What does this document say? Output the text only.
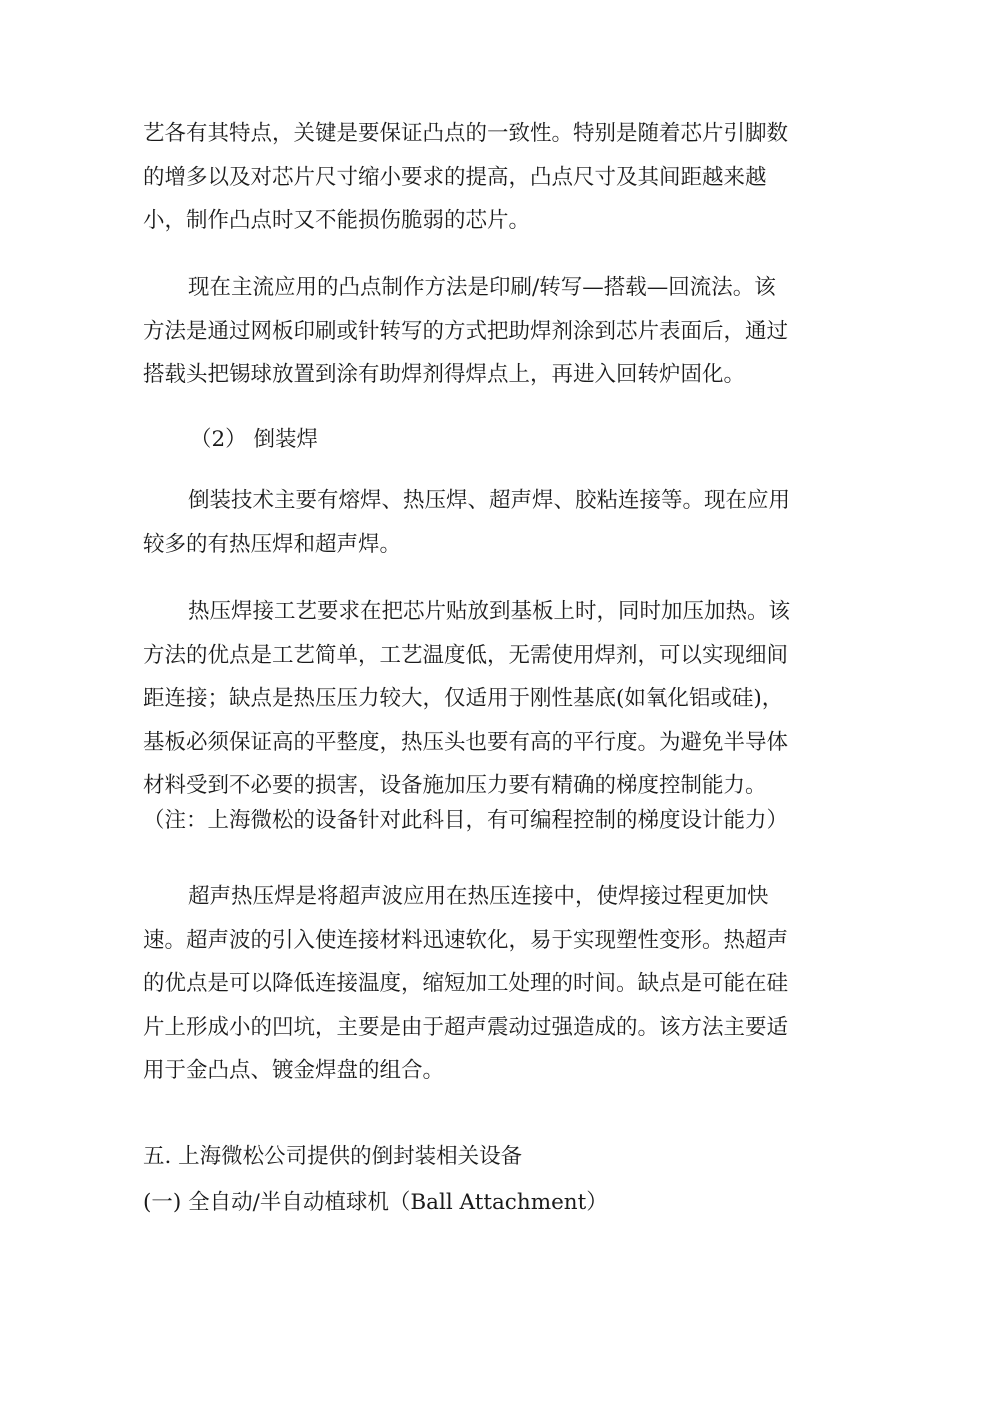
艺各有其特点，关键是要保证凸点的一致性。特别是随着芯片引脚数
的增多以及对芯片尺寸缩小要求的提高，凸点尺寸及其间距越来越
小，制作凸点时又不能损伤脆弱的芯片。
现在主流应用的凸点制作方法是印刷/转写—搭载—回流法。该
方法是通过网板印刷或针转写的方式把助焊剂涂到芯片表面后，通过
搭载头把锡球放置到涂有助焊剂得焊点上，再进入回转炉固化。
（2） 倒装焊
倒装技术主要有熔焊、热压焊、超声焊、胶粘连接等。现在应用
较多的有热压焊和超声焊。
热压焊接工艺要求在把芯片贴放到基板上时，同时加压加热。该
方法的优点是工艺简单，工艺温度低，无需使用焊剂，可以实现细间
距连接；缺点是热压压力较大，仅适用于刚性基底(如氧化铝或硅)，
基板必须保证高的平整度，热压头也要有高的平行度。为避免半导体
材料受到不必要的损害，设备施加压力要有精确的梯度控制能力。
（注：上海微松的设备针对此科目，有可编程控制的梯度设计能力）
超声热压焊是将超声波应用在热压连接中，使焊接过程更加快
速。超声波的引入使连接材料迅速软化，易于实现塑性变形。热超声
的优点是可以降低连接温度，缩短加工处理的时间。缺点是可能在硅
片上形成小的凹坑，主要是由于超声震动过强造成的。该方法主要适
用于金凸点、镀金焊盘的组合。
五. 上海微松公司提供的倒封装相关设备
(一) 全自动/半自动植球机（Ball Attachment）
